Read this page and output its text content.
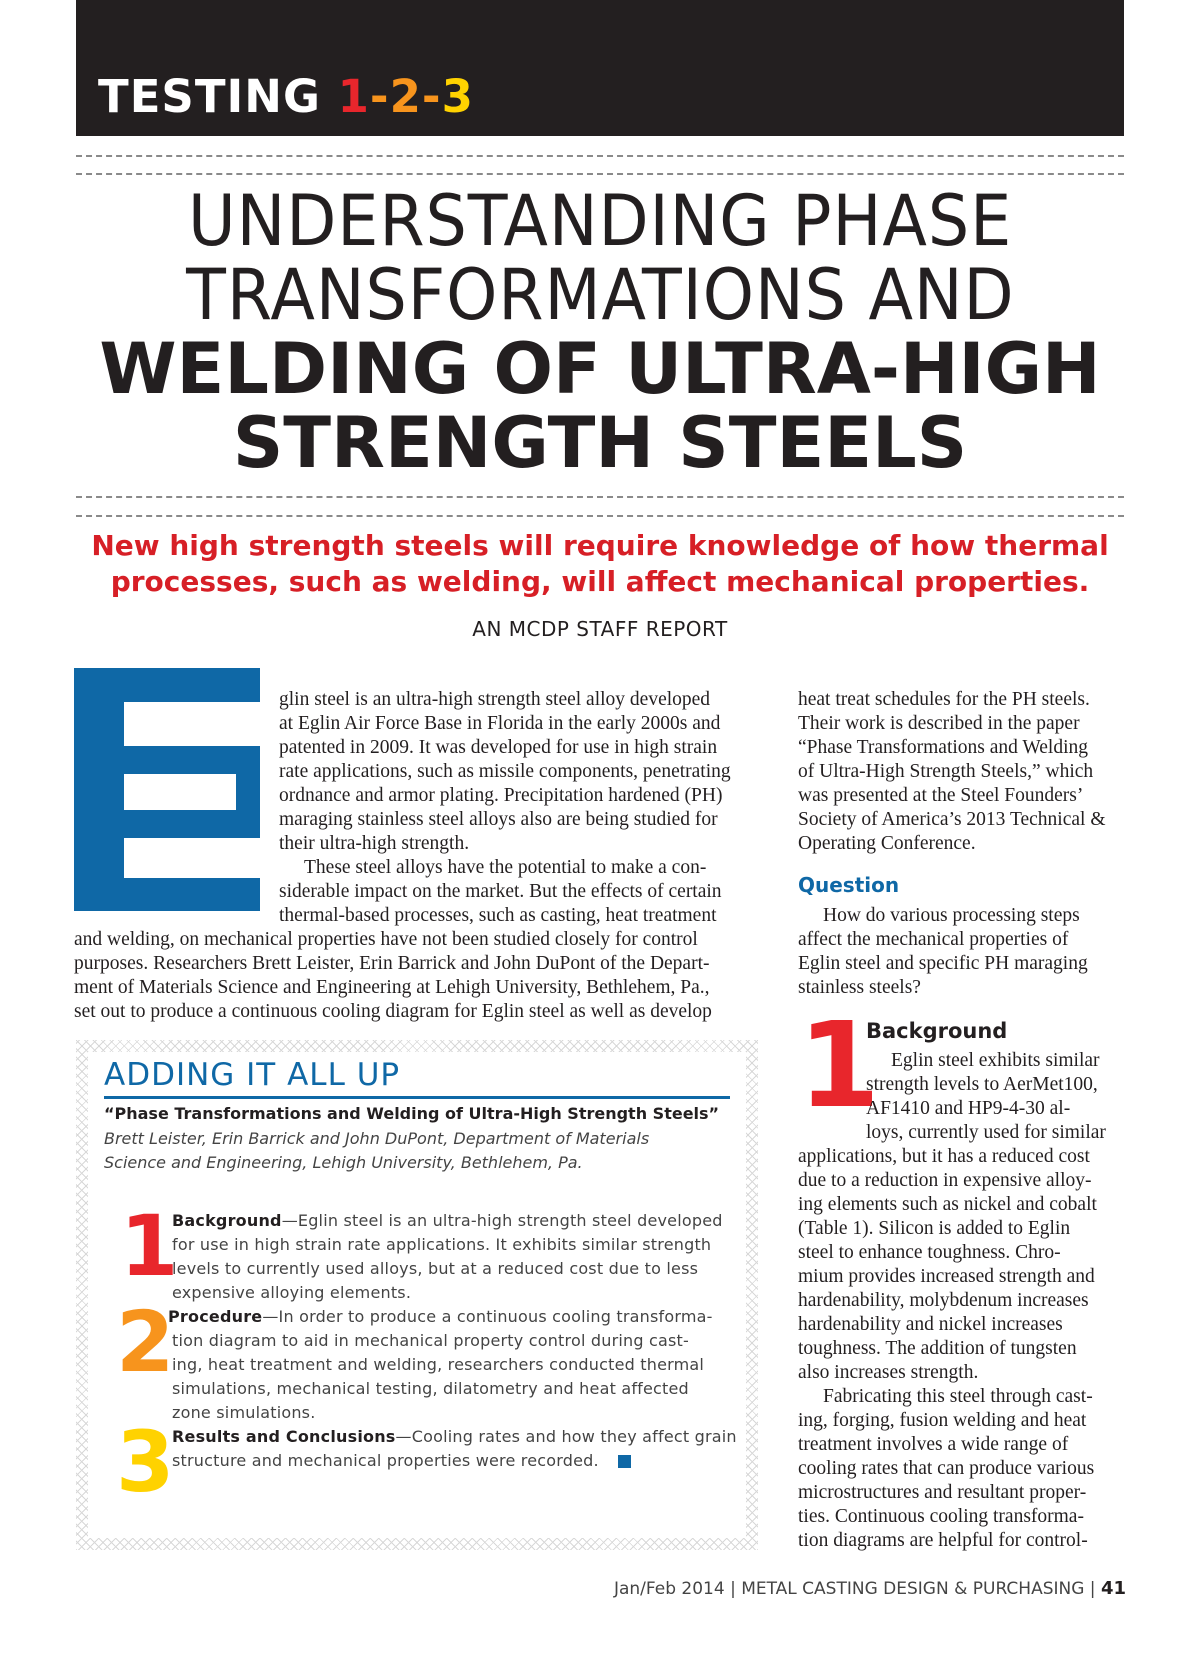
TESTING 1-2-3
UNDERSTANDING PHASE
TRANSFORMATIONS AND
WELDING OF ULTRA-HIGH
STRENGTH STEELS
New high strength steels will require knowledge of how thermal
processes, such as welding, will affect mechanical properties.
AN MCDP STAFF REPORT
glin steel is an ultra-high strength steel alloy developed
at Eglin Air Force Base in Florida in the early 2000s and
patented in 2009. It was developed for use in high strain
rate applications, such as missile components, penetrating
ordnance and armor plating. Precipitation hardened (PH)
maraging stainless steel alloys also are being studied for
their ultra-high strength.
These steel alloys have the potential to make a con-
siderable impact on the market. But the effects of certain
thermal-based processes, such as casting, heat treatment
and welding, on mechanical properties have not been studied closely for control
purposes. Researchers Brett Leister, Erin Barrick and John DuPont of the Depart-
ment of Materials Science and Engineering at Lehigh University, Bethlehem, Pa.,
set out to produce a continuous cooling diagram for Eglin steel as well as develop
heat treat schedules for the PH steels.
Their work is described in the paper
“Phase Transformations and Welding
of Ultra-High Strength Steels,” which
was presented at the Steel Founders’
Society of America’s 2013 Technical &
Operating Conference.
Question
How do various processing steps
affect the mechanical properties of
Eglin steel and specific PH maraging
stainless steels?
1
Background
Eglin steel exhibits similar
strength levels to AerMet100,
AF1410 and HP9-4-30 al-
loys, currently used for similar
applications, but it has a reduced cost
due to a reduction in expensive alloy-
ing elements such as nickel and cobalt
(Table 1). Silicon is added to Eglin
steel to enhance toughness. Chro-
mium provides increased strength and
hardenability, molybdenum increases
hardenability and nickel increases
toughness. The addition of tungsten
also increases strength.
Fabricating this steel through cast-
ing, forging, fusion welding and heat
treatment involves a wide range of
cooling rates that can produce various
microstructures and resultant proper-
ties. Continuous cooling transforma-
tion diagrams are helpful for control-
ADDING IT ALL UP
“Phase Transformations and Welding of Ultra-High Strength Steels”
Brett Leister, Erin Barrick and John DuPont, Department of Materials
Science and Engineering, Lehigh University, Bethlehem, Pa.
1
Background—Eglin steel is an ultra-high strength steel developed
for use in high strain rate applications. It exhibits similar strength
levels to currently used alloys, but at a reduced cost due to less
expensive alloying elements.
2
Procedure—In order to produce a continuous cooling transforma-
tion diagram to aid in mechanical property control during cast-
ing, heat treatment and welding, researchers conducted thermal
simulations, mechanical testing, dilatometry and heat affected
zone simulations.
3
Results and Conclusions—Cooling rates and how they affect grain
structure and mechanical properties were recorded.
Jan/Feb 2014 | METAL CASTING DESIGN & PURCHASING | 41
